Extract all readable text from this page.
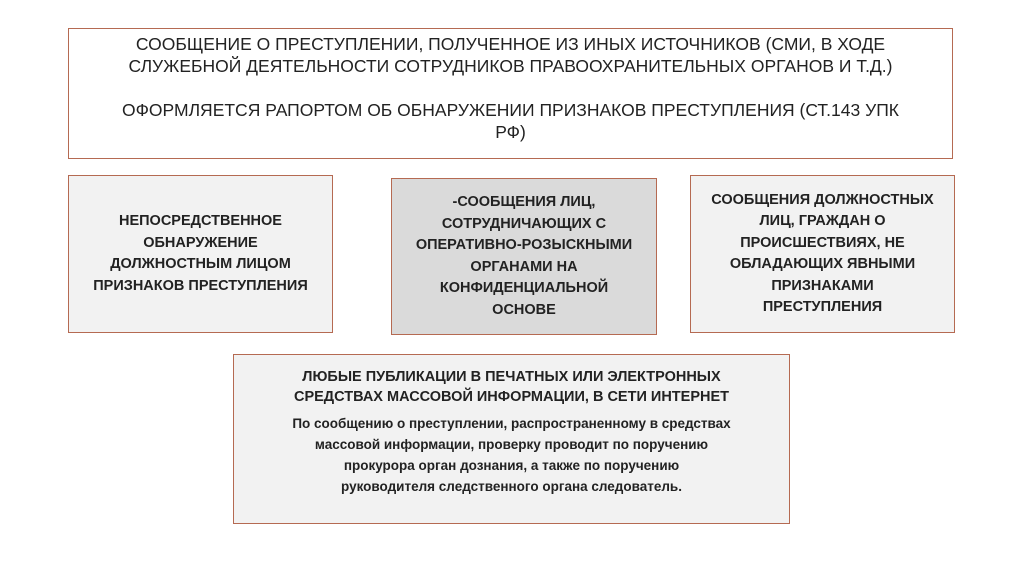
СООБЩЕНИЕ О ПРЕСТУПЛЕНИИ, ПОЛУЧЕННОЕ ИЗ ИНЫХ ИСТОЧНИКОВ (СМИ, В ХОДЕ
СЛУЖЕБНОЙ ДЕЯТЕЛЬНОСТИ СОТРУДНИКОВ ПРАВООХРАНИТЕЛЬНЫХ ОРГАНОВ И Т.Д.)
ОФОРМЛЯЕТСЯ РАПОРТОМ ОБ ОБНАРУЖЕНИИ ПРИЗНАКОВ ПРЕСТУПЛЕНИЯ (СТ.143 УПК
РФ)
НЕПОСРЕДСТВЕННОЕ
ОБНАРУЖЕНИЕ
ДОЛЖНОСТНЫМ ЛИЦОМ
ПРИЗНАКОВ ПРЕСТУПЛЕНИЯ
-СООБЩЕНИЯ ЛИЦ,
СОТРУДНИЧАЮЩИХ С
ОПЕРАТИВНО-РОЗЫСКНЫМИ
ОРГАНАМИ НА
КОНФИДЕНЦИАЛЬНОЙ
ОСНОВЕ
СООБЩЕНИЯ ДОЛЖНОСТНЫХ
ЛИЦ, ГРАЖДАН О
ПРОИСШЕСТВИЯХ, НЕ
ОБЛАДАЮЩИХ ЯВНЫМИ
ПРИЗНАКАМИ
ПРЕСТУПЛЕНИЯ
ЛЮБЫЕ ПУБЛИКАЦИИ В ПЕЧАТНЫХ ИЛИ ЭЛЕКТРОННЫХ
СРЕДСТВАХ МАССОВОЙ ИНФОРМАЦИИ, В СЕТИ ИНТЕРНЕТ
По сообщению о преступлении, распространенному в средствах
массовой информации, проверку проводит по поручению
прокурора орган дознания, а также по поручению
руководителя следственного органа следователь.
